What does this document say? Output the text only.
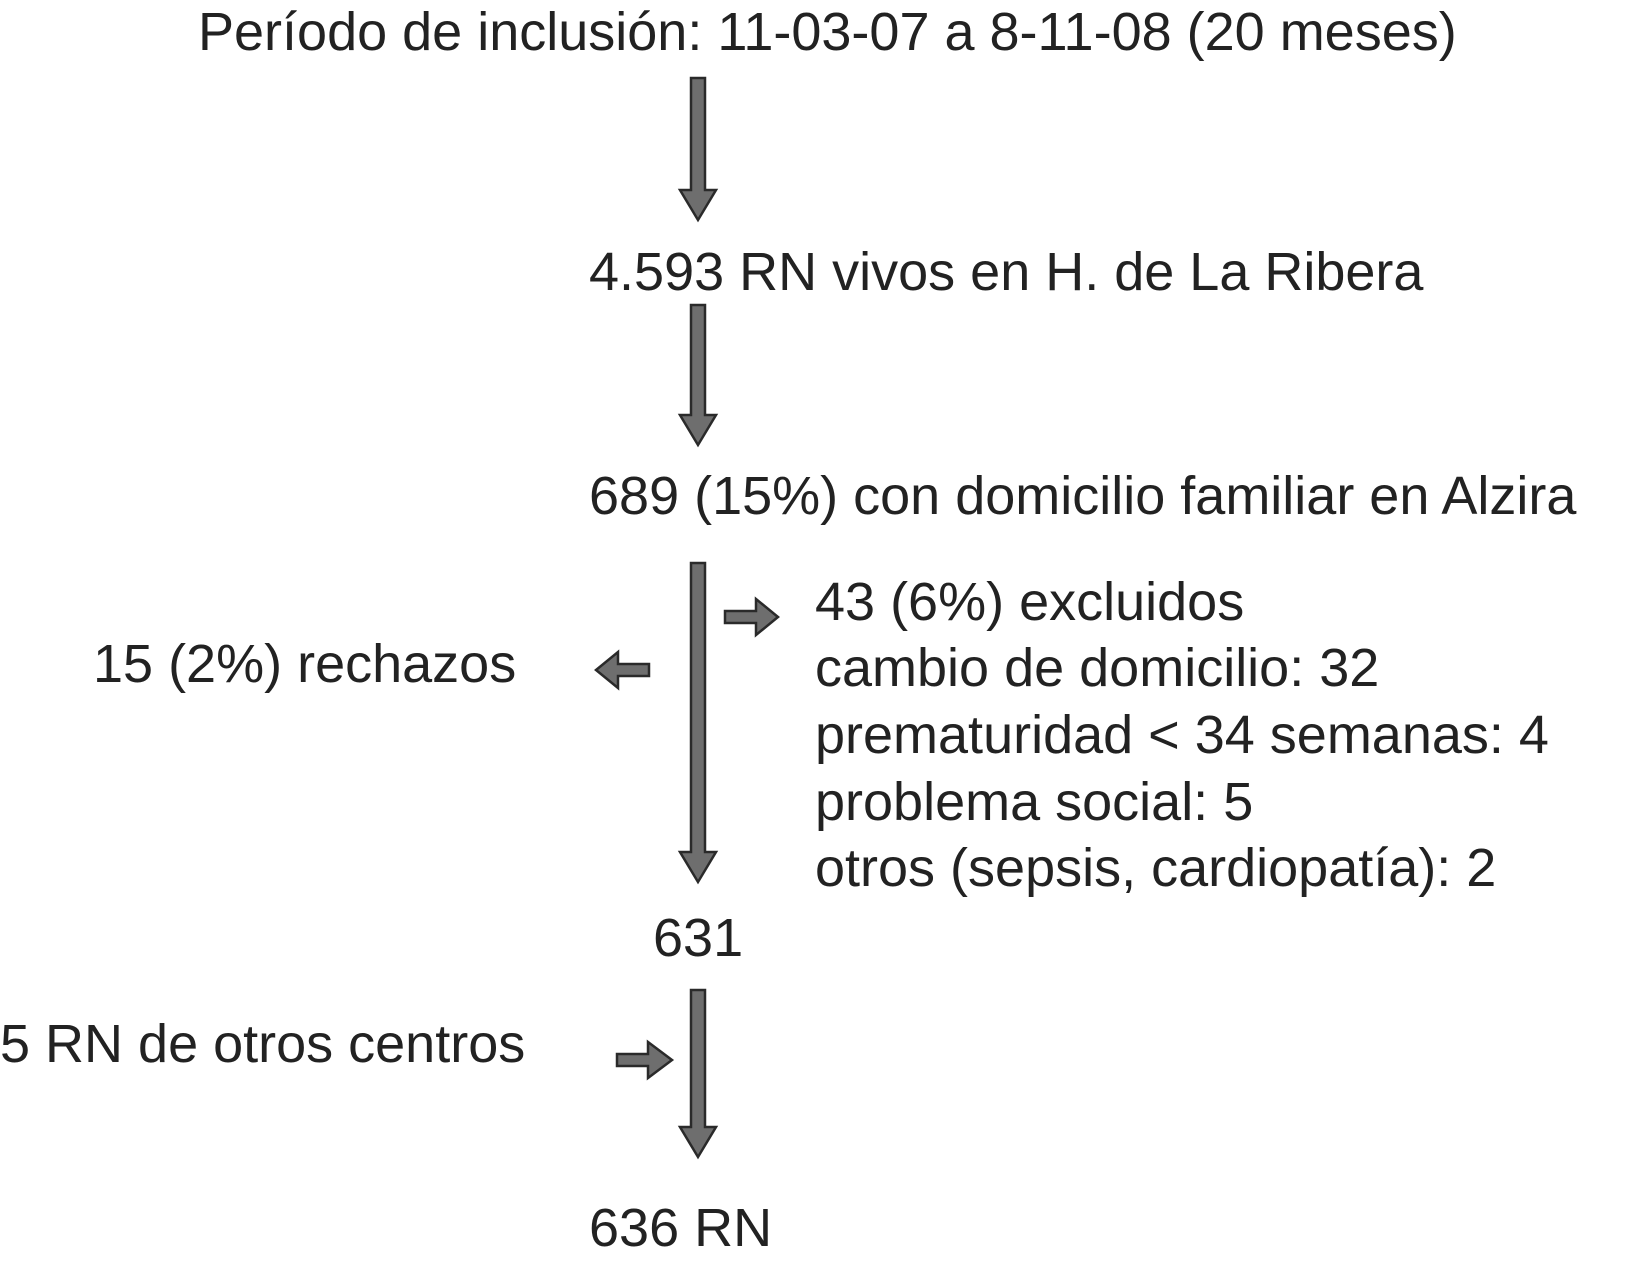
Período de inclusión: 11-03-07 a 8-11-08 (20 meses)

4.593 RN vivos en H. de La Ribera

689 (15%) con domicilio familiar en Alzira

43 (6%) excluidos

cambio de domicilio: 32

prematuridad < 34 semanas: 4

problema social: 5

otros (sepsis, cardiopatía): 2

15 (2%) rechazos

631

5 RN de otros centros

636 RN
